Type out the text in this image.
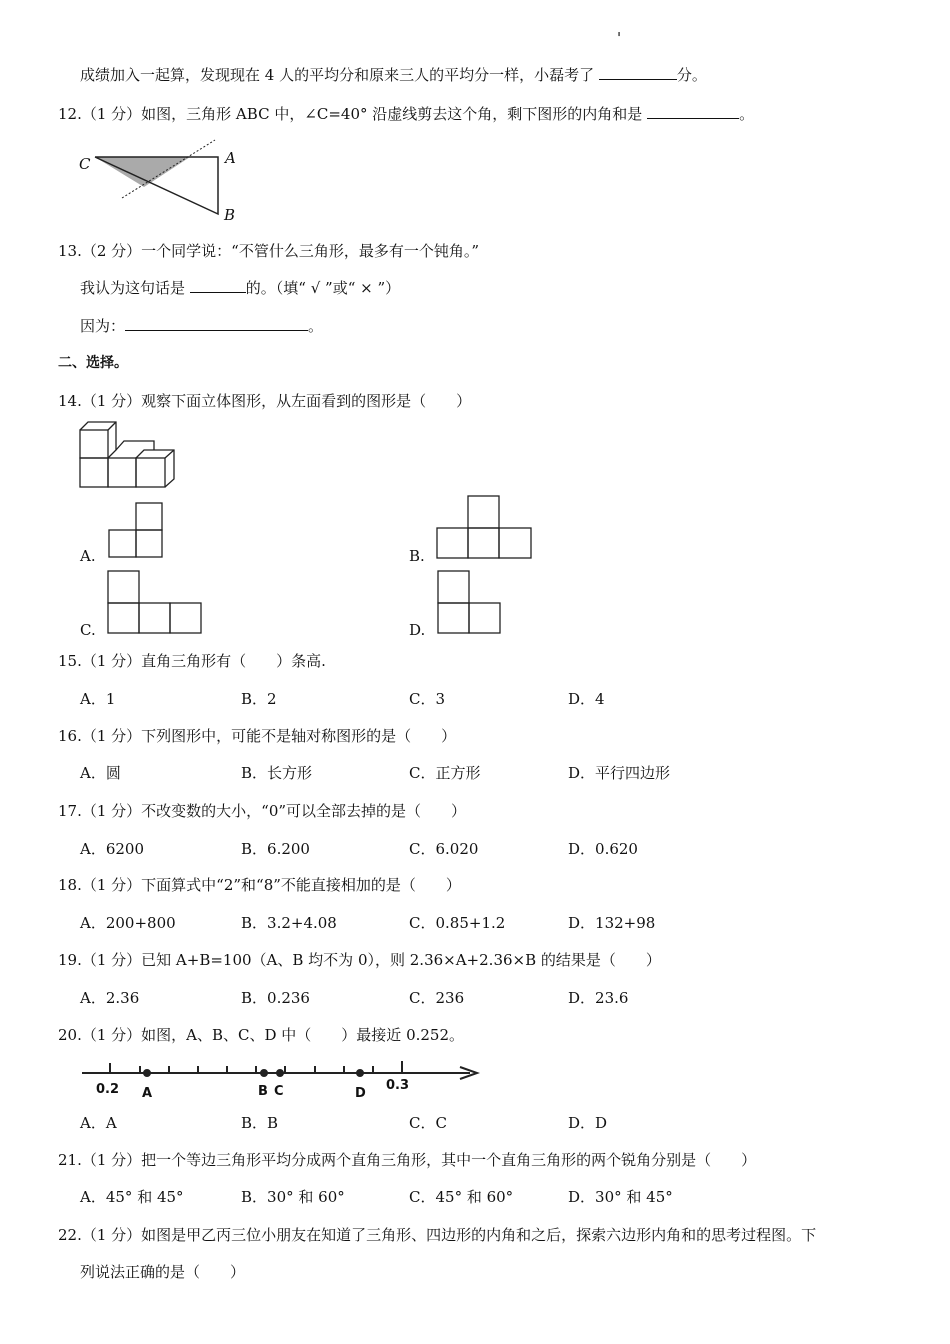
'
成绩加入一起算，发现现在 4 人的平均分和原来三人的平均分一样，小磊考了	分。
12.（1 分）如图，三角形 ABC 中，∠C=40° 沿虚线剪去这个角，剩下图形的内角和是	。
C	A
B
13.（2 分）一个同学说：“不管什么三角形，最多有一个钝角。”
我认为这句话是	的。（填“ √ ”或“ × ”）
因为：	。
二、选择。
14.（1 分）观察下面立体图形，从左面看到的图形是（　　）
A.	B.
C.	D.
15.（1 分）直角三角形有（　　）条高.
A．1	B．2	C．3	D．4
16.（1 分）下列图形中，可能不是轴对称图形的是（　　）
A．圆	B．长方形	C．正方形	D．平行四边形
17.（1 分）不改变数的大小，“0”可以全部去掉的是（　　）
A．6200	B．6.200	C．6.020	D．0.620
18.（1 分）下面算式中“2”和“8”不能直接相加的是（　　）
A．200+800	B．3.2+4.08	C．0.85+1.2	D．132+98
19.（1 分）已知 A+B=100（A、B 均不为 0），则 2.36×A+2.36×B 的结果是（　　）
A．2.36	B．0.236	C．236	D．23.6
20.（1 分）如图，A、B、C、D 中（　　）最接近 0.252。
0.2 A	B C	D
0.3
A．A	B．B	C．C	D．D
21.（1 分）把一个等边三角形平均分成两个直角三角形，其中一个直角三角形的两个锐角分别是（　　）
A．45° 和 45°	B．30° 和 60°	C．45° 和 60°	D．30° 和 45°
22.（1 分）如图是甲乙丙三位小朋友在知道了三角形、四边形的内角和之后，探索六边形内角和的思考过程图。下
列说法正确的是（　　）
